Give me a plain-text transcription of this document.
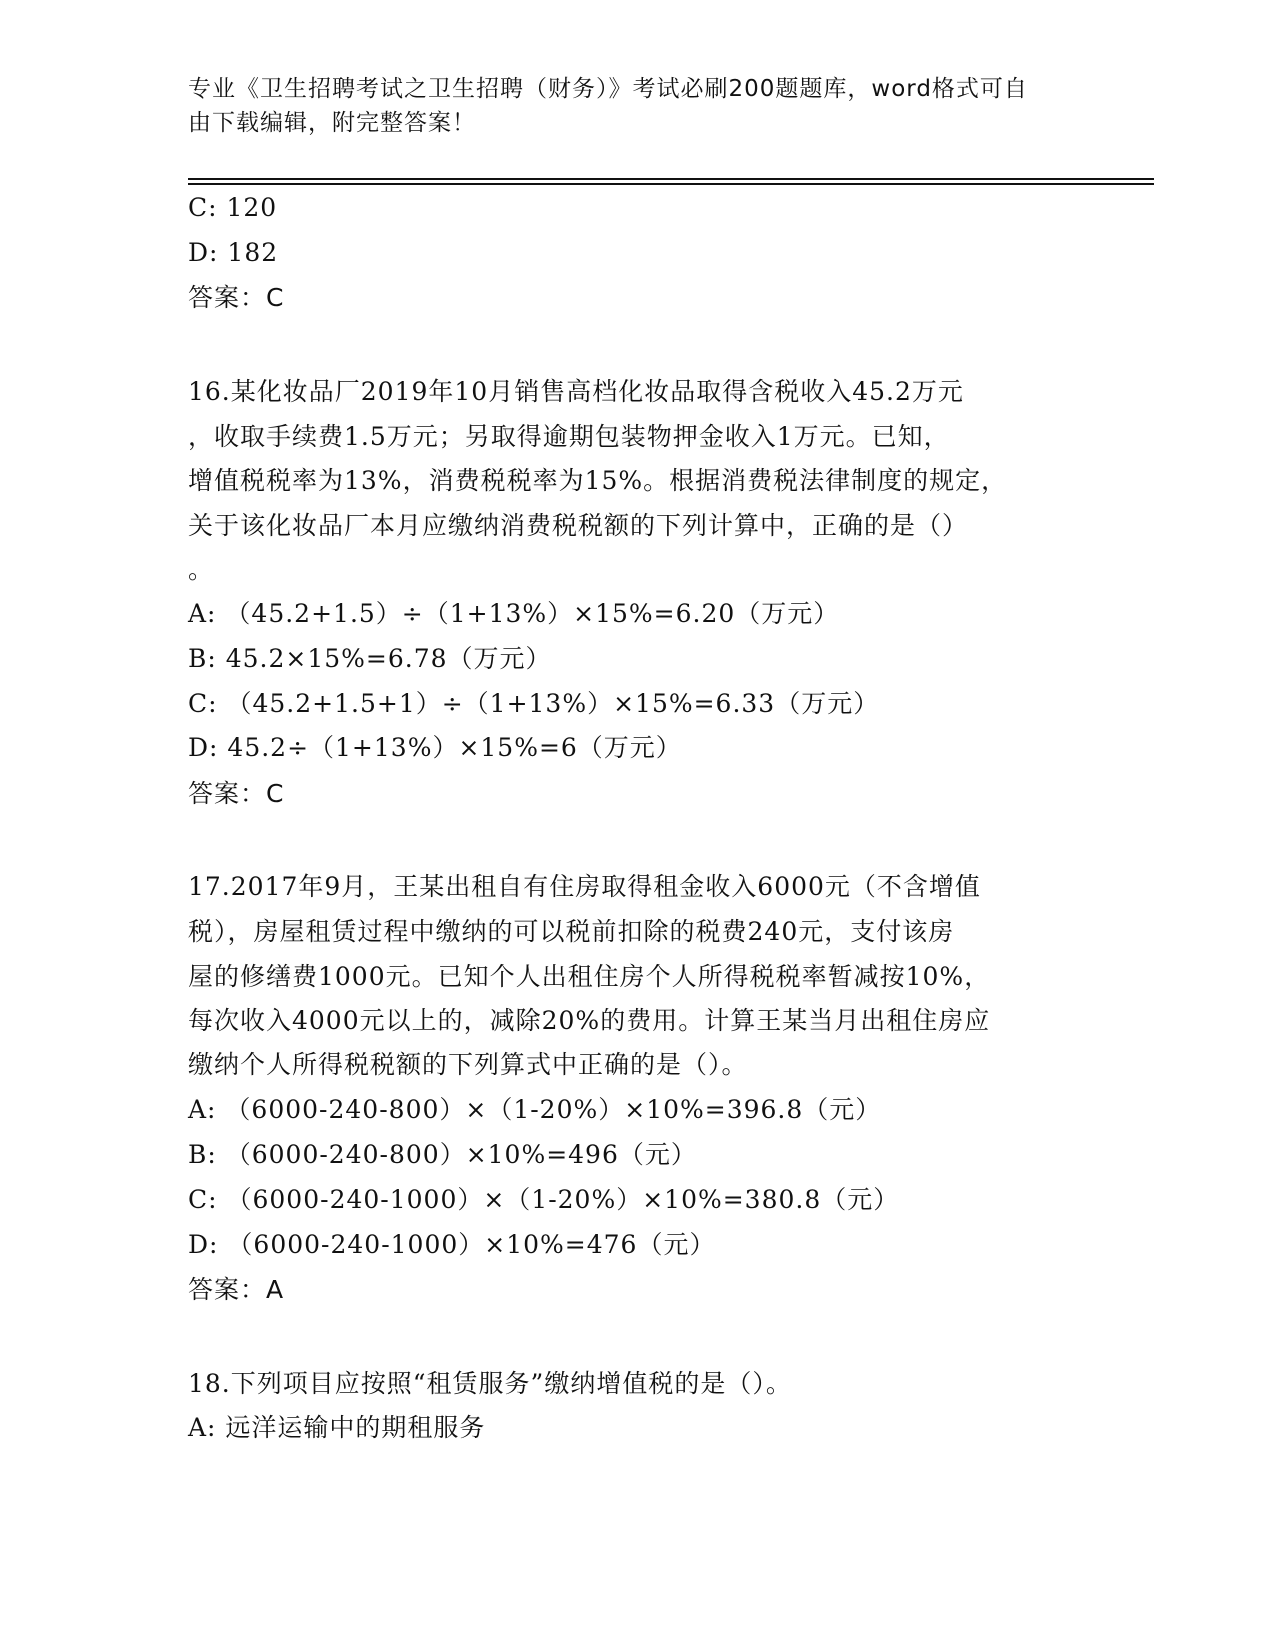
专业《卫生招聘考试之卫生招聘（财务）》考试必刷200题题库，word格式可自
由下载编辑，附完整答案！
C: 120
D: 182
答案：C
16.某化妆品厂2019年10月销售高档化妆品取得含税收入45.2万元
，收取手续费1.5万元；另取得逾期包装物押金收入1万元。已知，
增值税税率为13%，消费税税率为15%。根据消费税法律制度的规定，
关于该化妆品厂本月应缴纳消费税税额的下列计算中，正确的是（）
。
A: （45.2+1.5）÷（1+13%）×15%=6.20（万元）
B: 45.2×15%=6.78（万元）
C: （45.2+1.5+1）÷（1+13%）×15%=6.33（万元）
D: 45.2÷（1+13%）×15%=6（万元）
答案：C
17.2017年9月，王某出租自有住房取得租金收入6000元（不含增值
税），房屋租赁过程中缴纳的可以税前扣除的税费240元，支付该房
屋的修缮费1000元。已知个人出租住房个人所得税税率暂减按10%，
每次收入4000元以上的，减除20%的费用。计算王某当月出租住房应
缴纳个人所得税税额的下列算式中正确的是（）。
A: （6000-240-800）×（1-20%）×10%=396.8（元）
B: （6000-240-800）×10%=496（元）
C: （6000-240-1000）×（1-20%）×10%=380.8（元）
D: （6000-240-1000）×10%=476（元）
答案：A
18.下列项目应按照“租赁服务”缴纳增值税的是（）。
A: 远洋运输中的期租服务
